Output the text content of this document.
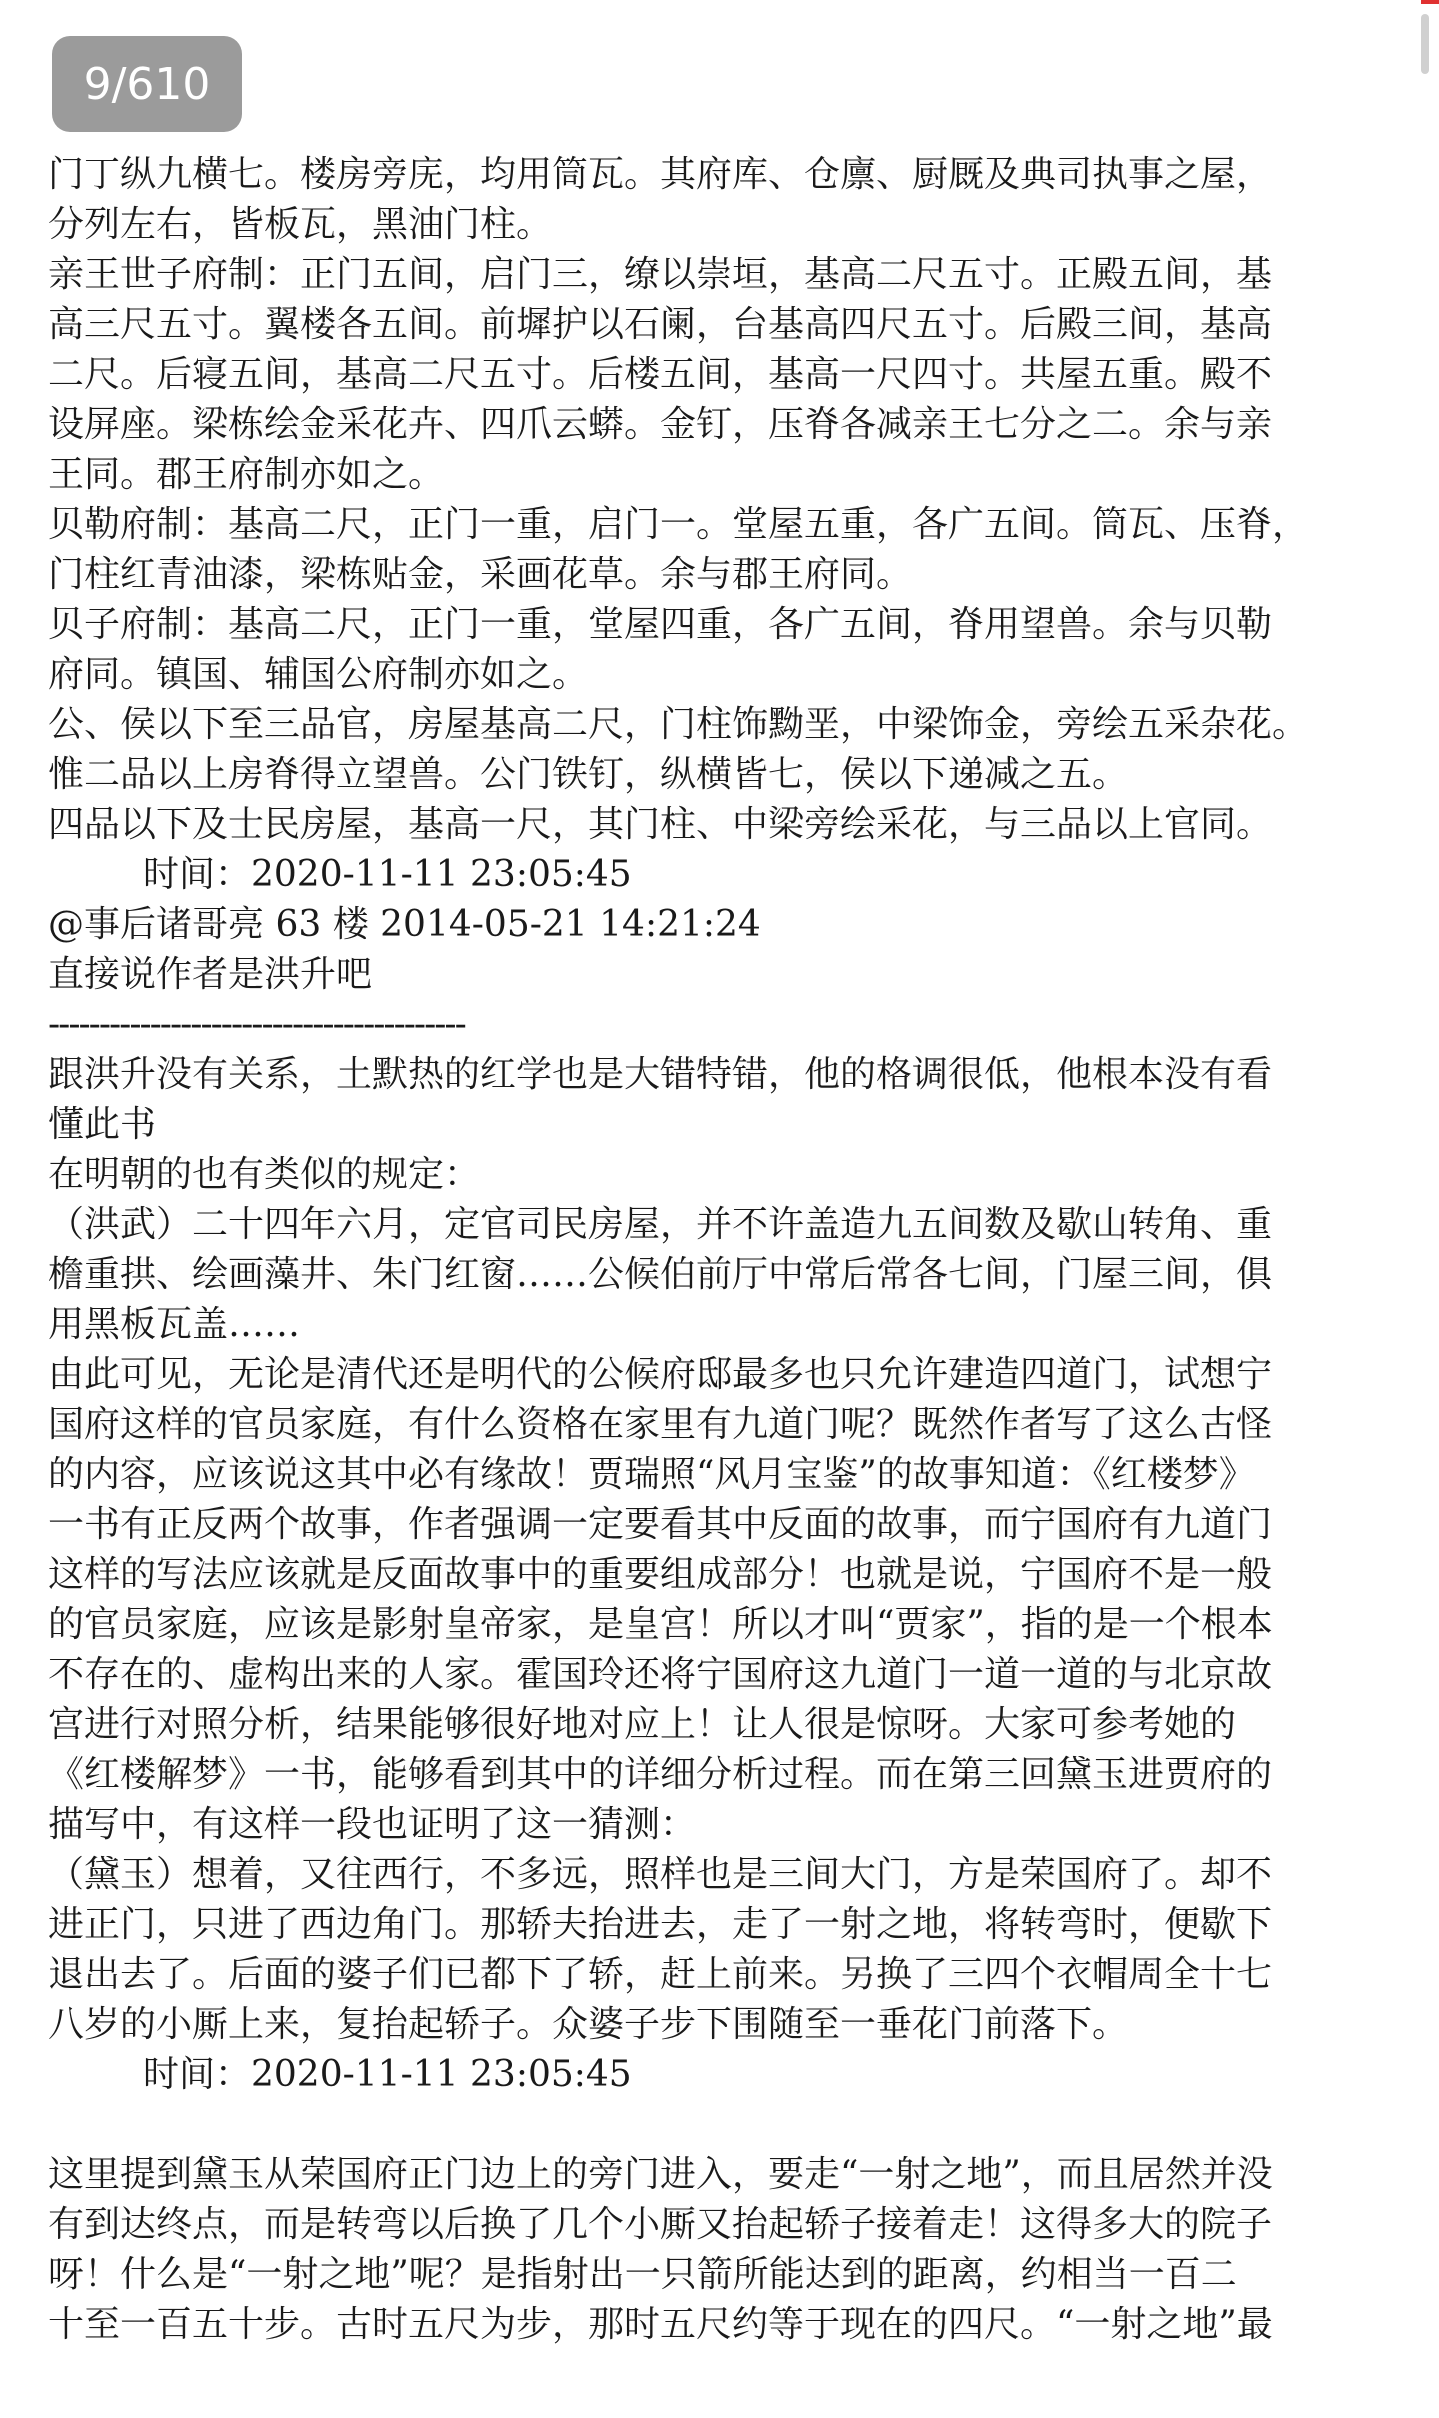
9/610

门丁纵九横七。楼房旁庑，均用筒瓦。其府库、仓廪、厨厩及典司执事之屋，

分列左右，皆板瓦，黑油门柱。

亲王世子府制：正门五间，启门三，缭以崇垣，基高二尺五寸。正殿五间，基

高三尺五寸。翼楼各五间。前墀护以石阑，台基高四尺五寸。后殿三间，基高

二尺。后寝五间，基高二尺五寸。后楼五间，基高一尺四寸。共屋五重。殿不

设屏座。梁栋绘金采花卉、四爪云蟒。金钉，压脊各减亲王七分之二。余与亲

王同。郡王府制亦如之。

贝勒府制：基高二尺，正门一重，启门一。堂屋五重，各广五间。筒瓦、压脊，

门柱红青油漆，梁栋贴金，采画花草。余与郡王府同。

贝子府制：基高二尺，正门一重，堂屋四重，各广五间，脊用望兽。余与贝勒

府同。镇国、辅国公府制亦如之。

公、侯以下至三品官，房屋基高二尺，门柱饰黝垩，中梁饰金，旁绘五采杂花。

惟二品以上房脊得立望兽。公门铁钉，纵横皆七，侯以下递减之五。

四品以下及士民房屋，基高一尺，其门柱、中梁旁绘采花，与三品以上官同。

时间：2020-11-11 23:05:45

@事后诸哥亮 63 楼 2014-05-21 14:21:24

直接说作者是洪升吧

-----------------------------------------

跟洪升没有关系，土默热的红学也是大错特错，他的格调很低，他根本没有看

懂此书

在明朝的也有类似的规定：

（洪武）二十四年六月，定官司民房屋，并不许盖造九五间数及歇山转角、重

檐重拱、绘画藻井、朱门红窗……公候伯前厅中常后常各七间，门屋三间，俱

用黑板瓦盖……

由此可见，无论是清代还是明代的公候府邸最多也只允许建造四道门，试想宁

国府这样的官员家庭，有什么资格在家里有九道门呢？既然作者写了这么古怪

的内容，应该说这其中必有缘故！贾瑞照“风月宝鉴”的故事知道：《红楼梦》

一书有正反两个故事，作者强调一定要看其中反面的故事，而宁国府有九道门

这样的写法应该就是反面故事中的重要组成部分！也就是说，宁国府不是一般

的官员家庭，应该是影射皇帝家，是皇宫！所以才叫“贾家”，指的是一个根本

不存在的、虚构出来的人家。霍国玲还将宁国府这九道门一道一道的与北京故

宫进行对照分析，结果能够很好地对应上！让人很是惊呀。大家可参考她的

《红楼解梦》一书，能够看到其中的详细分析过程。而在第三回黛玉进贾府的

描写中，有这样一段也证明了这一猜测：

（黛玉）想着，又往西行，不多远，照样也是三间大门，方是荣国府了。却不

进正门，只进了西边角门。那轿夫抬进去，走了一射之地，将转弯时，便歇下

退出去了。后面的婆子们已都下了轿，赶上前来。另换了三四个衣帽周全十七

八岁的小厮上来，复抬起轿子。众婆子步下围随至一垂花门前落下。

时间：2020-11-11 23:05:45

这里提到黛玉从荣国府正门边上的旁门进入，要走“一射之地”，而且居然并没

有到达终点，而是转弯以后换了几个小厮又抬起轿子接着走！这得多大的院子

呀！什么是“一射之地”呢？是指射出一只箭所能达到的距离，约相当一百二

十至一百五十步。古时五尺为步，那时五尺约等于现在的四尺。“一射之地”最
